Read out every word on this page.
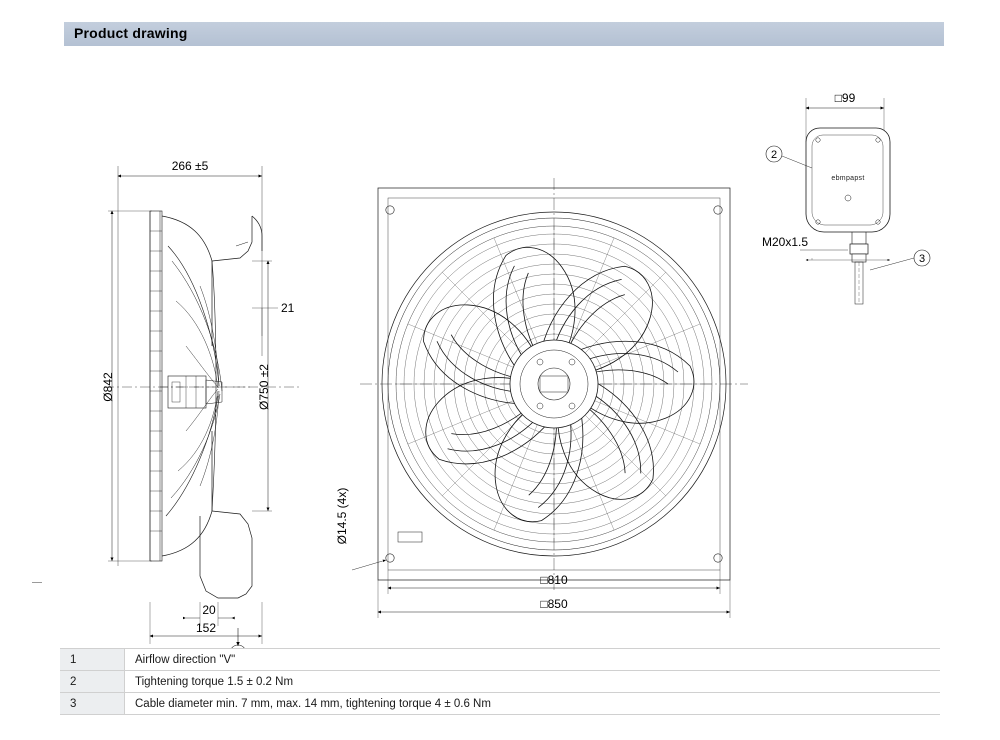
Product drawing
266 ±5
Ø842	Ø750 ±2
21
20
152
Ø14.5 (4x)
□810
□850
□99
ebmpapst
2
M20x1.5
3
1	Airflow direction "V"
2	Tightening torque 1.5 ± 0.2 Nm
3	Cable diameter min. 7 mm, max. 14 mm, tightening torque 4 ± 0.6 Nm
